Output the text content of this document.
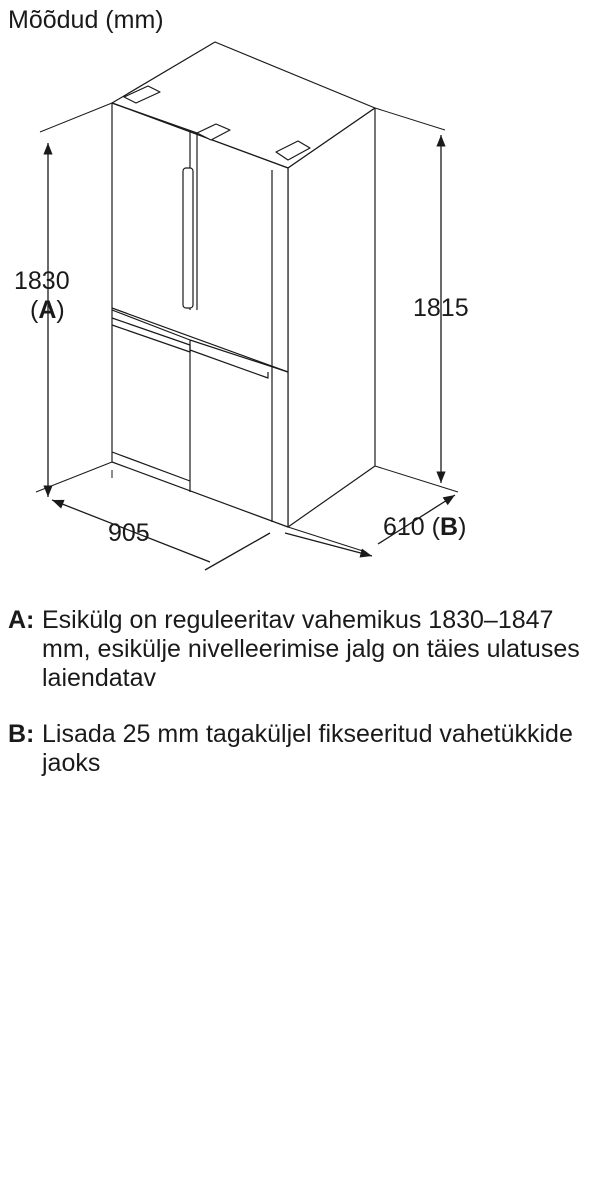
Mõõdud (mm)
1830
(A)	1815
905	610 (B)
A: Esikülg on reguleeritav vahemikus 1830–1847 mm, esikülje nivelleerimise jalg on täies ulatuses laiendatav
B: Lisada 25 mm tagaküljel fikseeritud vahetükkide jaoks
